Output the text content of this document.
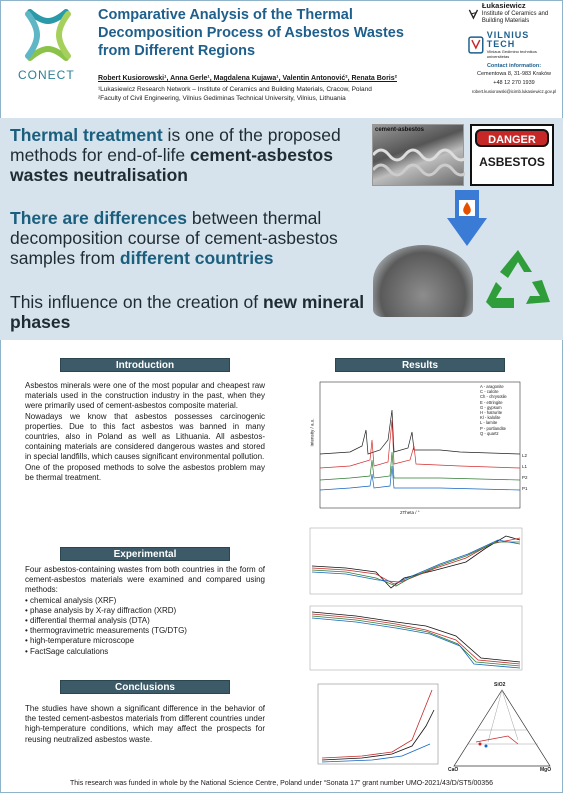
CONECT
Comparative Analysis of the Thermal Decomposition Process of Asbestos Wastes from Different Regions
Robert Kusiorowski¹, Anna Gerle¹, Magdalena Kujawa¹, Valentin Antonović², Renata Boris²
¹Lukasiewicz Research Network – Institute of Ceramics and Building Materials, Cracow, Poland
²Faculty of Civil Engineering, Vilnius Gediminas Technical University, Vilnius, Lithuania
Łukasiewicz
Institute of Ceramics and Building Materials
VILNIUS TECH
Vilniaus Gedimino technikos universitetas
Contact information:
Cementowa 8, 31-983 Kraków
+48 12 270 1939
robert.kusiorowski@icimb.lukasiewicz.gov.pl
Thermal treatment is one of the proposed methods for end-of-life cement-asbestos wastes neutralisation
There are differences between thermal decomposition course of cement-asbestos samples from different countries
This influence on the creation of new mineral phases
cement-asbestos
DANGER
ASBESTOS
Introduction

Asbestos minerals were one of the most popular and cheapest raw materials used in the construction industry in the past, when they were primarily used of cement-asbestos composite material.

Nowadays we know that asbestos possesses carcinogenic properties. Due to this fact asbestos was banned in many countries, also in Poland as well as Lithuania. All asbestos-containing materials are considered dangerous wastes and stored in special landfills, which causes significant environmental pollution.

One of the proposed methods to solve the asbestos problem may be thermal treatment.

Experimental

Four asbestos-containing wastes from both countries in the form of cement-asbestos materials were examined and compared using methods:

• chemical analysis (XRF)
• phase analysis by X-ray diffraction (XRD)
• differential thermal analysis (DTA)
• thermogravimetric measurements (TG/DTG)
• high-temperature microscope
• FactSage calculations
Conclusions
The studies have shown a significant difference in the behavior of the tested cement-asbestos materials from different countries under high-temperature conditions, which may affect the prospects for reusing neutralized asbestos waste.
Results
A - aragonite
C - calcite
Ch - chrysotile
E - ettringite
G - gypsum
H - hatrurite
Kl - kalolite
L - larnite
P - portlandite
Q - quartz
L2
L1
P2
P1
2Theta / °
Intensity / a.u.
SiO2
CaO	MgO
This research was funded in whole by the National Science Centre, Poland under “Sonata 17” grant number UMO-2021/43/D/ST5/00356
